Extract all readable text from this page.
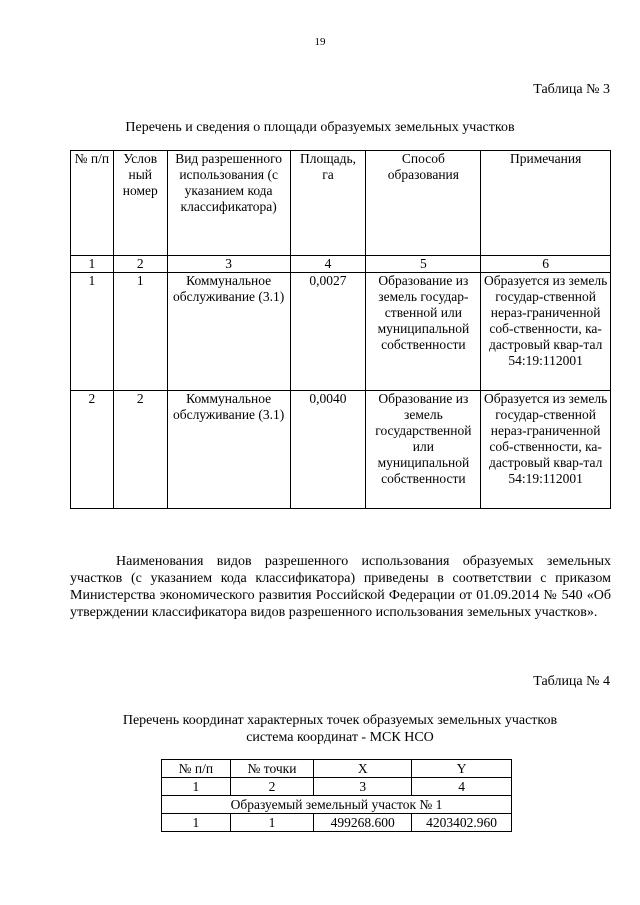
19
Таблица № 3
Перечень и сведения о площади образуемых земельных участков
№ п/п	Услов ный номер	Вид разрешенного использования (с указанием кода классификатора)	Площадь, га	Способ образования	Примечания
1	2	3	4	5	6
1	1	Коммунальное обслуживание (3.1)	0,0027	Образование из земель государ-ственной или муниципальной собственности	Образуется из земель государ-ственной нераз-граниченной соб-ственности, ка-дастровый квар-тал 54:19:112001
2	2	Коммунальное обслуживание (3.1)	0,0040	Образование из земель государственной или муниципальной собственности	Образуется из земель государ-ственной нераз-граниченной соб-ственности, ка-дастровый квар-тал 54:19:112001

Наименования видов разрешенного использования образуемых земельных участков (с указанием кода классификатора) приведены в соответствии с приказом Министерства экономического развития Российской Федерации от 01.09.2014 № 540 «Об утверждении классификатора видов разрешенного использования земельных участков».

Таблица № 4
Перечень координат характерных точек образуемых земельных участков
система координат - МСК НСО
№ п/п	№ точки	X	Y
1	2	3	4
Образуемый земельный участок № 1			
1	1	499268.600	4203402.960
